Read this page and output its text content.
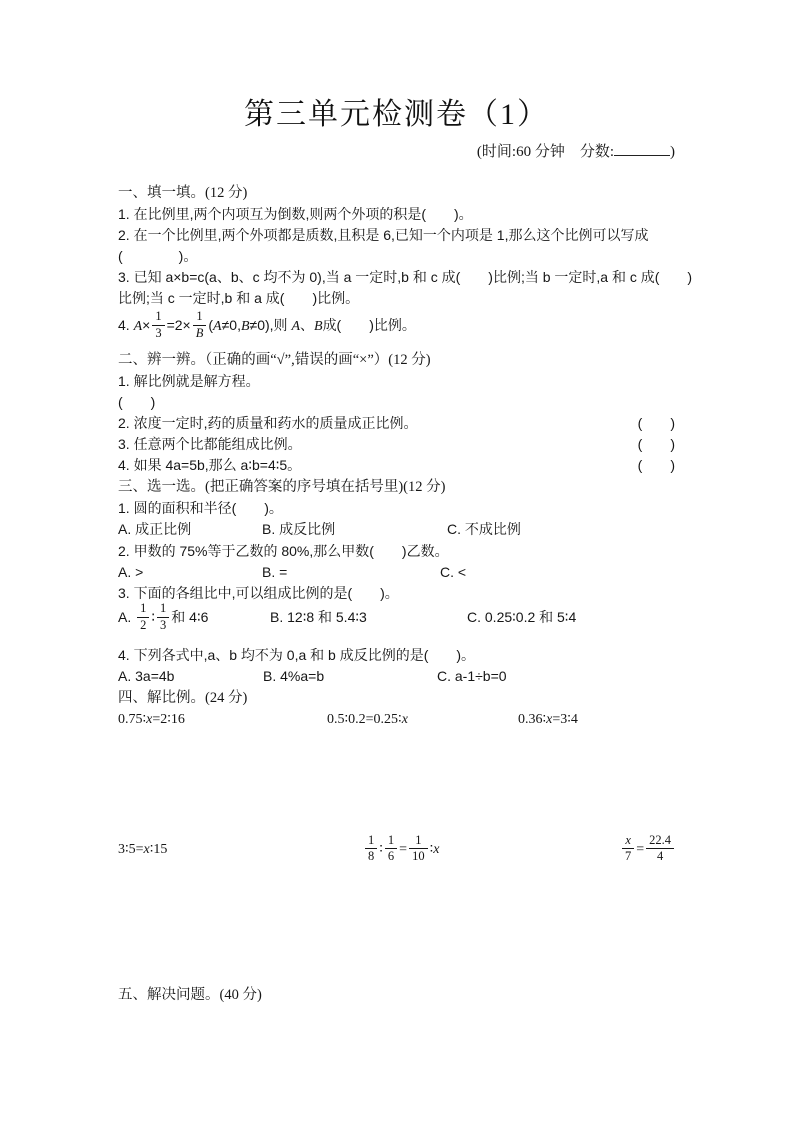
第三单元检测卷（1）
(时间:60 分钟　分数:	)
一、填一填。(12 分)
1. 在比例里,两个内项互为倒数,则两个外项的积是(　　)。
2. 在一个比例里,两个外项都是质数,且积是 6,已知一个内项是 1,那么这个比例可以写成
(　　　　)。
3. 已知 a×b=c(a、b、c 均不为 0),当 a 一定时,b 和 c 成(　　)比例;当 b 一定时,a 和 c 成(　　)
比例;当 c 一定时,b 和 a 成(　　)比例。
4. $A\times \frac{1}{3} =2\times \frac{1}{B} (A\ne 0,B\ne 0)$,则 A、B成(　　)比例。
二、辨一辨。（正确的画“√”,错误的画“×”）(12 分)
1. 解比例就是解方程。
(　　)
2. 浓度一定时,药的质量和药水的质量成正比例。	(　　)
3. 任意两个比都能组成比例。	(　　)
4. 如果 4a=5b,那么 a∶b=4∶5。	(　　)
三、选一选。(把正确答案的序号填在括号里)(12 分)
1. 圆的面积和半径(　　)。
A. 成正比例	B. 成反比例	C. 不成比例
2. 甲数的 75%等于乙数的 80%,那么甲数(　　)乙数。
A. >	B. =	C. <
3. 下面的各组比中,可以组成比例的是(　　)。
A. $\frac{1}{2}$ ∶ $\frac{1}{3}$ 和 4∶6	B. 12∶8 和 5.4∶3	C. 0.25∶0.2 和 5∶4
4. 下列各式中,a、b 均不为 0,a 和 b 成反比例的是(　　)。
A. 3a=4b	B. 4%a=b	C. a-1÷b=0
四、解比例。(24 分)
0.75∶x=2∶16	0.5∶0.2=0.25∶x	0.36∶x=3∶4
3∶5=x∶15	$\frac{1}{8}$ ∶ $\frac{1}{6} = \frac{1}{10}$ ∶x	$\frac{x}{7} = \frac{22.4}{4}$
五、解决问题。(40 分)
